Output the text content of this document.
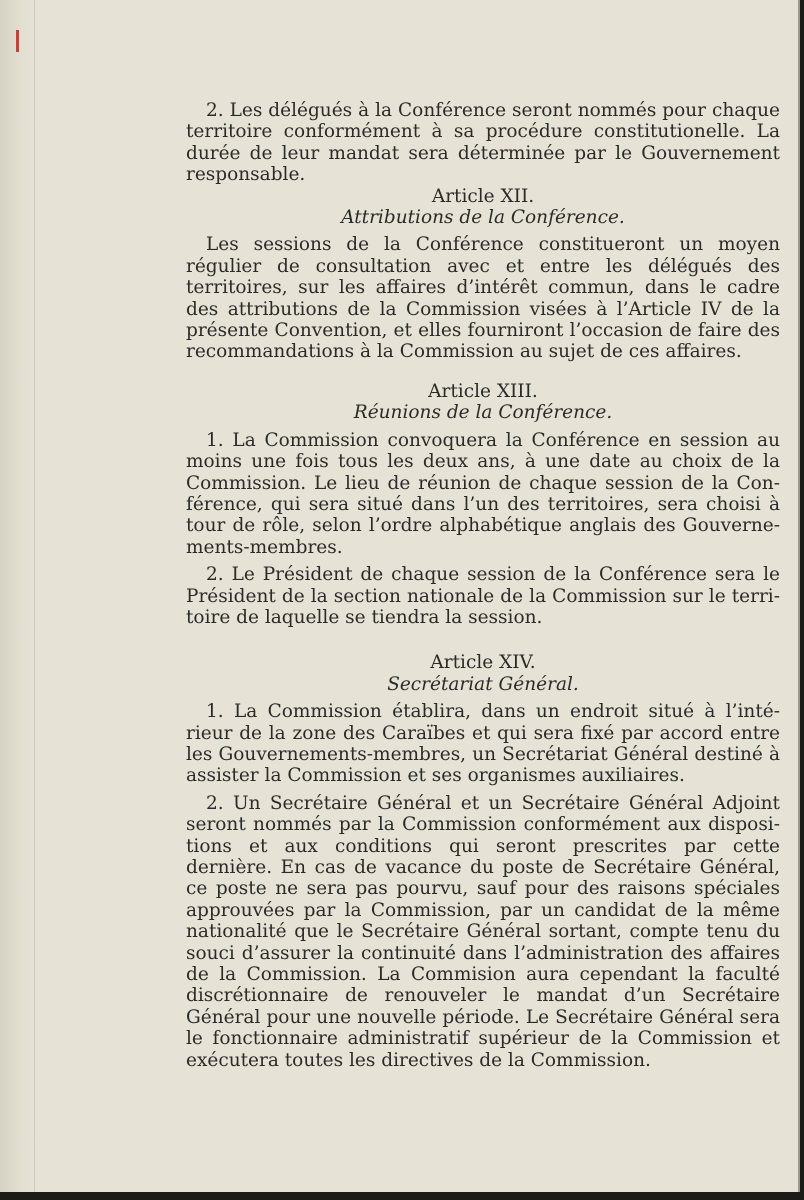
2. Les délégués à la Conférence seront nommés pour chaque territoire conformément à sa procédure constitutionelle. La durée de leur mandat sera déterminée par le Gouvernement responsable.

Article XII.

Attributions de la Conférence.

Les sessions de la Conférence constitueront un moyen régulier de consultation avec et entre les délégués des territoires, sur les affaires d’intérêt commun, dans le cadre des attributions de la Commission visées à l’Article IV de la présente Convention, et elles fourniront l’occasion de faire des recommandations à la Commission au sujet de ces affaires.

Article XIII.

Réunions de la Conférence.

1. La Commission convoquera la Conférence en session au moins une fois tous les deux ans, à une date au choix de la Commission. Le lieu de réunion de chaque session de la Conférence, qui sera situé dans l’un des territoires, sera choisi à tour de rôle, selon l’ordre alphabétique anglais des Gouvernements-membres.

2. Le Président de chaque session de la Conférence sera le Président de la section nationale de la Commission sur le territoire de laquelle se tiendra la session.

Article XIV.

Secrétariat Général.

1. La Commission établira, dans un endroit situé à l’intérieur de la zone des Caraïbes et qui sera fixé par accord entre les Gouvernements-membres, un Secrétariat Général destiné à assister la Commission et ses organismes auxiliaires.

2. Un Secrétaire Général et un Secrétaire Général Adjoint seront nommés par la Commission conformément aux dispositions et aux conditions qui seront prescrites par cette dernière. En cas de vacance du poste de Secrétaire Général, ce poste ne sera pas pourvu, sauf pour des raisons spéciales approuvées par la Commission, par un candidat de la même nationalité que le Secrétaire Général sortant, compte tenu du souci d’assurer la continuité dans l’administration des affaires de la Commission. La Commision aura cependant la faculté discrétionnaire de renouveler le mandat d’un Secrétaire Général pour une nouvelle période. Le Secrétaire Général sera le fonctionnaire administratif supérieur de la Commission et exécutera toutes les directives de la Commission.
